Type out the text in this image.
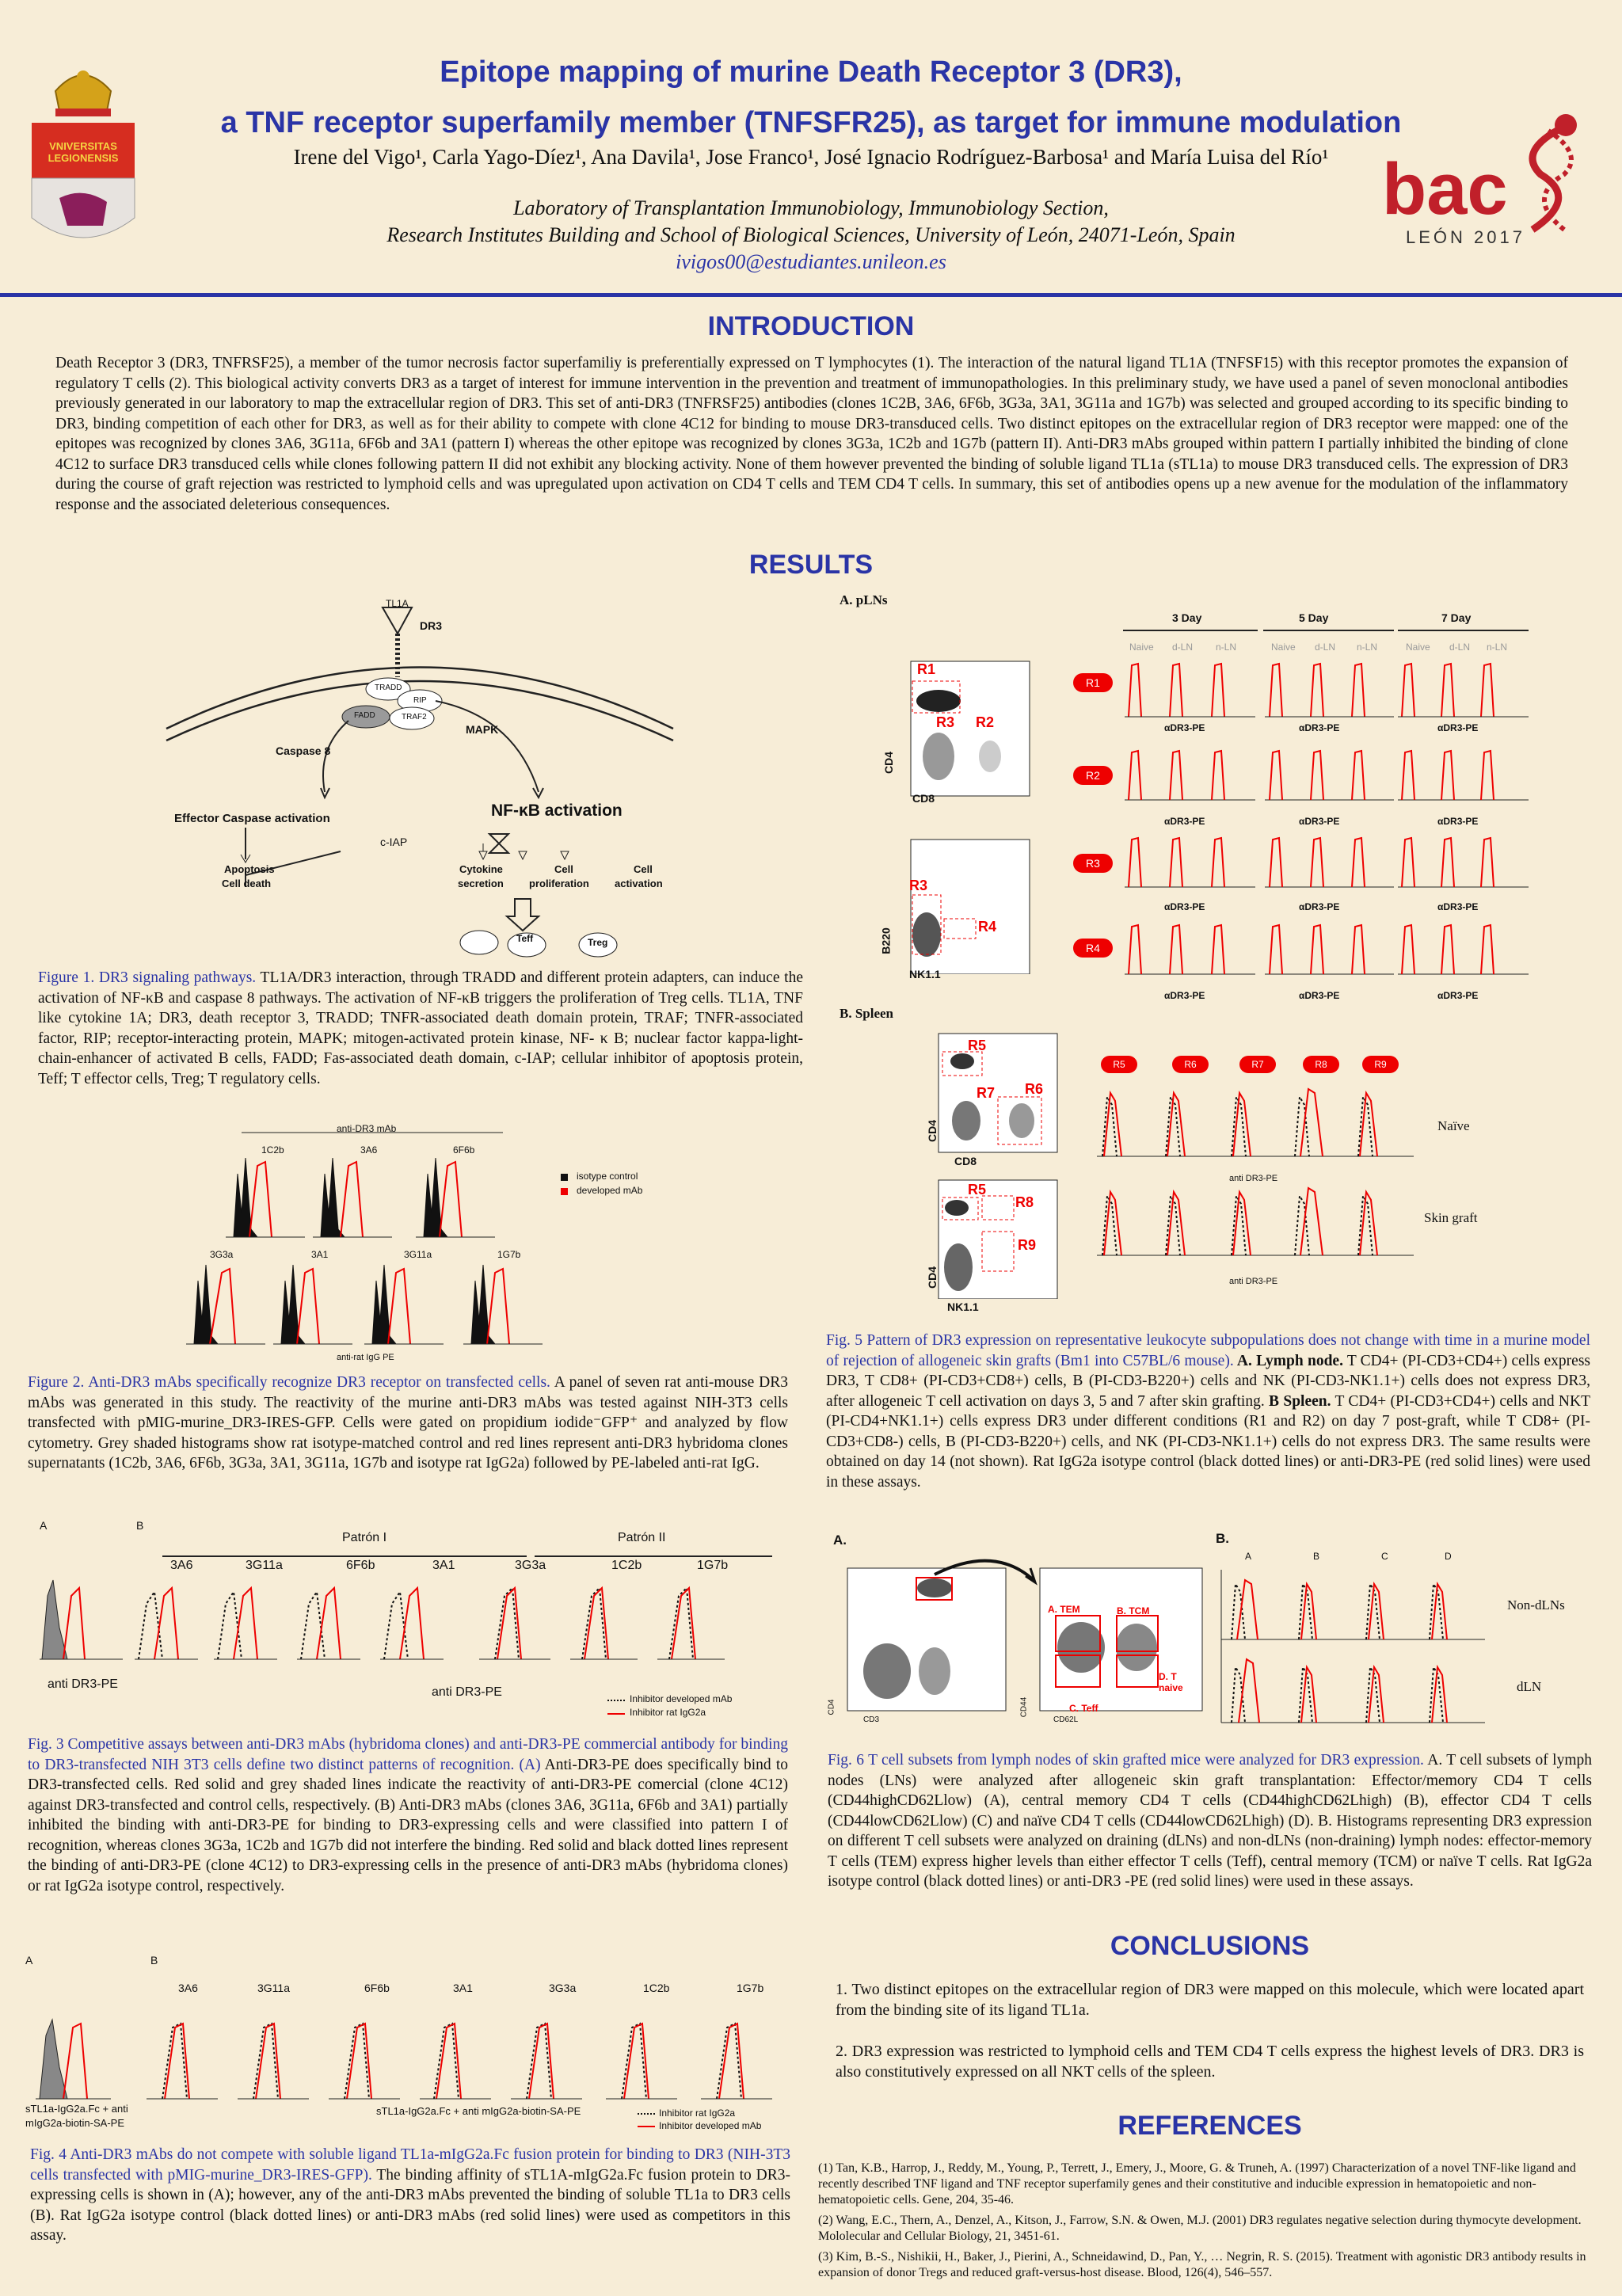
VNIVERSITAS LEGIONENSIS	bac
LEÓN 2017
Epitope mapping of murine Death Receptor 3 (DR3),
a TNF receptor superfamily member (TNFSFR25), as target for immune modulation
Irene del Vigo¹, Carla Yago-Díez¹, Ana Davila¹, Jose Franco¹, José Ignacio Rodríguez-Barbosa¹ and María Luisa del Río¹
Laboratory of Transplantation Immunobiology, Immunobiology Section,
Research Institutes Building and School of Biological Sciences, University of León, 24071-León, Spain
ivigos00@estudiantes.unileon.es
INTRODUCTION
Death Receptor 3 (DR3, TNFRSF25), a member of the tumor necrosis factor superfamiliy is preferentially expressed on T lymphocytes (1). The interaction of the natural ligand TL1A (TNFSF15) with this receptor promotes the expansion of regulatory T cells (2). This biological activity converts DR3 as a target of interest for immune intervention in the prevention and treatment of immunopathologies. In this preliminary study, we have used a panel of seven monoclonal antibodies previously generated in our laboratory to map the extracellular region of DR3. This set of anti-DR3 (TNFRSF25) antibodies (clones 1C2B, 3A6, 6F6b, 3G3a, 3A1, 3G11a and 1G7b) was selected and grouped according to its specific binding to DR3, binding competition of each other for DR3, as well as for their ability to compete with clone 4C12 for binding to mouse DR3-transduced cells. Two distinct epitopes on the extracellular region of DR3 receptor were mapped: one of the epitopes was recognized by clones 3A6, 3G11a, 6F6b and 3A1 (pattern I) whereas the other epitope was recognized by clones 3G3a, 1C2b and 1G7b (pattern II). Anti-DR3 mAbs grouped within pattern I partially inhibited the binding of clone 4C12 to surface DR3 transduced cells while clones following pattern II did not exhibit any blocking activity. None of them however prevented the binding of soluble ligand TL1a (sTL1a) to mouse DR3 transduced cells. The expression of DR3 during the course of graft rejection was restricted to lymphoid cells and was upregulated upon activation on CD4 T cells and TEM CD4 T cells. In summary, this set of antibodies opens up a new avenue for the modulation of the inflammatory response and the associated deleterious consequences.
RESULTS
TL1A
DR3
TRADD
RIP
FADD	TRAF2
MAPK
Caspase 8
Effector Caspase activation	NF-κB activation
c-IAP
Apoptosis
Cell death
Cytokine
secretion
Cell
proliferation
Cell
activation
Teff	Treg
Figure 1. DR3 signaling pathways. TL1A/DR3 interaction, through TRADD and different protein adapters, can induce the activation of NF-κB and caspase 8 pathways. The activation of NF-κB triggers the proliferation of Treg cells. TL1A, TNF like cytokine 1A; DR3, death receptor 3, TRADD; TNFR-associated death domain protein, TRAF; TNFR-associated factor, RIP; receptor-interacting protein, MAPK; mitogen-activated protein kinase, NF- κ B; nuclear factor kappa-light-chain-enhancer of activated B cells, FADD; Fas-associated death domain, c-IAP; cellular inhibitor of apoptosis protein, Teff; T effector cells, Treg; T regulatory cells.
anti-DR3 mAb
1C2b	3A6	6F6b
3G3a	3A1	3G11a	1G7b
isotype control
developed mAb
anti-rat IgG PE
Figure 2. Anti-DR3 mAbs specifically recognize DR3 receptor on transfected cells. A panel of seven rat anti-mouse DR3 mAbs was generated in this study. The reactivity of the murine anti-DR3 mAbs was tested against NIH-3T3 cells transfected with pMIG-murine_DR3-IRES-GFP. Cells were gated on propidium iodide⁻GFP⁺ and analyzed by flow cytometry. Grey shaded histograms show rat isotype-matched control and red lines represent anti-DR3 hybridoma clones supernatants (1C2b, 3A6, 6F6b, 3G3a, 3A1, 3G11a, 1G7b and isotype rat IgG2a) followed by PE-labeled anti-rat IgG.
A	B
Patrón I	Patrón II
3A6	3G11a	6F6b	3A1	3G3a	1C2b	1G7b
anti DR3-PE
anti DR3-PE	Inhibitor developed mAb
Inhibitor rat IgG2a
Fig. 3 Competitive assays between anti-DR3 mAbs (hybridoma clones) and anti-DR3-PE commercial antibody for binding to DR3-transfected NIH 3T3 cells define two distinct patterns of recognition. (A) Anti-DR3-PE does specifically bind to DR3-transfected cells. Red solid and grey shaded lines indicate the reactivity of anti-DR3-PE comercial (clone 4C12) against DR3-transfected and control cells, respectively. (B) Anti-DR3 mAbs (clones 3A6, 3G11a, 6F6b and 3A1) partially inhibited the binding with anti-DR3-PE for binding to DR3-expressing cells and were classified into pattern I of recognition, whereas clones 3G3a, 1C2b and 1G7b did not interfere the binding. Red solid and black dotted lines represent the binding of anti-DR3-PE (clone 4C12) to DR3-expressing cells in the presence of anti-DR3 mAbs (hybridoma clones) or rat IgG2a isotype control, respectively.
A	B
3A6	3G11a	6F6b	3A1	3G3a	1C2b	1G7b
sTL1a-IgG2a.Fc + anti
mIgG2a-biotin-SA-PE
sTL1a-IgG2a.Fc + anti mIgG2a-biotin-SA-PE	Inhibitor rat IgG2a
Inhibitor developed mAb
Fig. 4 Anti-DR3 mAbs do not compete with soluble ligand TL1a-mIgG2a.Fc fusion protein for binding to DR3 (NIH-3T3 cells transfected with pMIG-murine_DR3-IRES-GFP). The binding affinity of sTL1A-mIgG2a.Fc fusion protein to DR3-expressing cells is shown in (A); however, any of the anti-DR3 mAbs prevented the binding of soluble TL1a to DR3 cells (B). Rat IgG2a isotype control (black dotted lines) or anti-DR3 mAbs (red solid lines) were used as competitors in this assay.
A. pLNs
B. Spleen
R1
R3 R2
CD8
CD4
R3
R4
B220
NK1.1
3 Day	5 Day	7 Day
Naive d-LN n-LN	Naive d-LN n-LN	Naive d-LN n-LN
R1
R2
R3
R4
αDR3-PE	αDR3-PE	αDR3-PE
αDR3-PE	αDR3-PE	αDR3-PE
αDR3-PE	αDR3-PE	αDR3-PE
αDR3-PE	αDR3-PE	αDR3-PE
R5
R7 R6
CD4
CD8
R5
R8
R9
CD4
NK1.1
R5	R6	R7	R8	R9
Naïve
Skin graft
anti DR3-PE
anti DR3-PE
Fig. 5 Pattern of DR3 expression on representative leukocyte subpopulations does not change with time in a murine model of rejection of allogeneic skin grafts (Bm1 into C57BL/6 mouse). A. Lymph node. T CD4+ (PI-CD3+CD4+) cells express DR3, T CD8+ (PI-CD3+CD8+) cells, B (PI-CD3-B220+) cells and NK (PI-CD3-NK1.1+) cells does not express DR3, after allogeneic T cell activation on days 3, 5 and 7 after skin grafting. B Spleen. T CD4+ (PI-CD3+CD4+) cells and NKT (PI-CD4+NK1.1+) cells express DR3 under different conditions (R1 and R2) on day 7 post-graft, while T CD8+ (PI-CD3+CD8-) cells, B (PI-CD3-B220+) cells, and NK (PI-CD3-NK1.1+) cells do not express DR3. The same results were obtained on day 14 (not shown). Rat IgG2a isotype control (black dotted lines) or anti-DR3-PE (red solid lines) were used in these assays.
A.	B.
A. TEM	B. TCM
C. Teff
D. T naive
CD4
CD3
CD44
CD62L
A	B	C	D
Non-dLNs
dLN
Fig. 6 T cell subsets from lymph nodes of skin grafted mice were analyzed for DR3 expression. A. T cell subsets of lymph nodes (LNs) were analyzed after allogeneic skin graft transplantation: Effector/memory CD4 T cells (CD44highCD62Llow) (A), central memory CD4 T cells (CD44highCD62Lhigh) (B), effector CD4 T cells (CD44lowCD62Llow) (C) and naïve CD4 T cells (CD44lowCD62Lhigh) (D). B. Histograms representing DR3 expression on different T cell subsets were analyzed on draining (dLNs) and non-dLNs (non-draining) lymph nodes: effector-memory T cells (TEM) express higher levels than either effector T cells (Teff), central memory (TCM) or naïve T cells. Rat IgG2a isotype control (black dotted lines) or anti-DR3 -PE (red solid lines) were used in these assays.
CONCLUSIONS
1. Two distinct epitopes on the extracellular region of DR3 were mapped on this molecule, which were located apart from the binding site of its ligand TL1a.
2. DR3 expression was restricted to lymphoid cells and TEM CD4 T cells express the highest levels of DR3. DR3 is also constitutively expressed on all NKT cells of the spleen.
REFERENCES
(1) Tan, K.B., Harrop, J., Reddy, M., Young, P., Terrett, J., Emery, J., Moore, G. & Truneh, A. (1997) Characterization of a novel TNF-like ligand and recently described TNF ligand and TNF receptor superfamily genes and their constitutive and inducible expression in hematopoietic and non-hematopoietic cells. Gene, 204, 35-46.
(2) Wang, E.C., Thern, A., Denzel, A., Kitson, J., Farrow, S.N. & Owen, M.J. (2001) DR3 regulates negative selection during thymocyte development. Mololecular and Cellular Biology, 21, 3451-61.
(3) Kim, B.-S., Nishikii, H., Baker, J., Pierini, A., Schneidawind, D., Pan, Y., … Negrin, R. S. (2015). Treatment with agonistic DR3 antibody results in expansion of donor Tregs and reduced graft-versus-host disease. Blood, 126(4), 546–557.
